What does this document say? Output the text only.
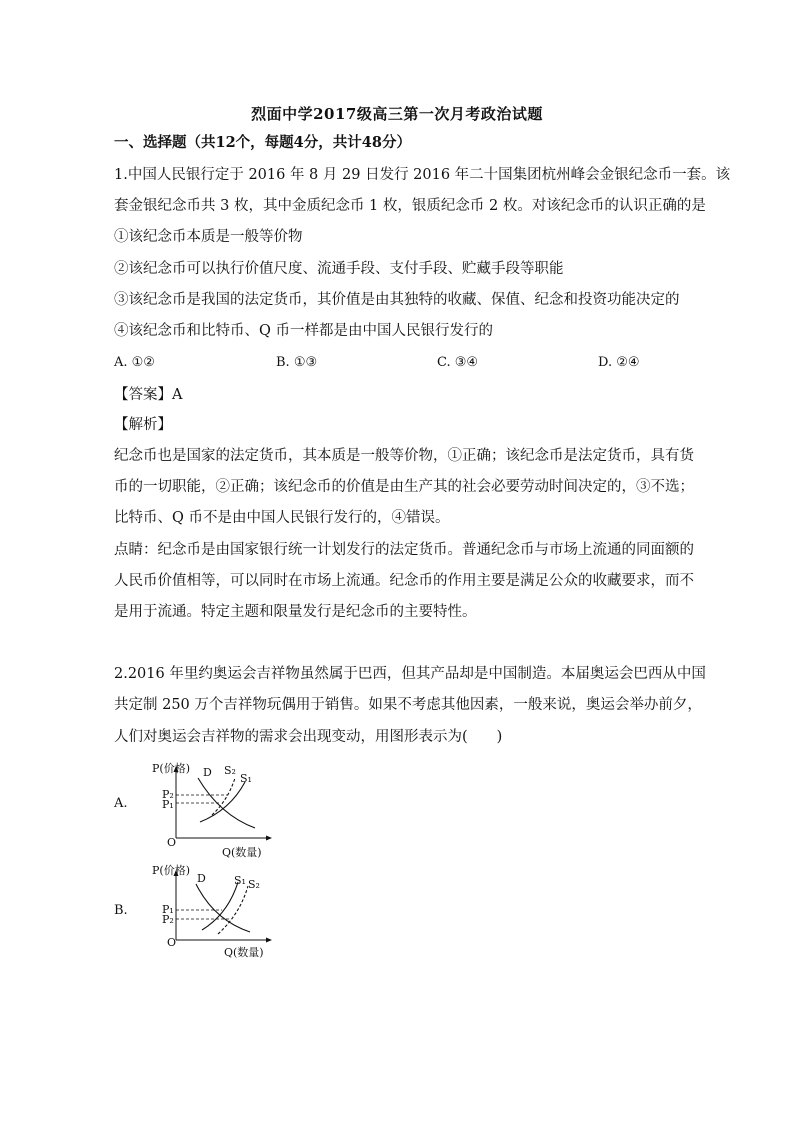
烈面中学2017级高三第一次月考政治试题
一、选择题（共12个，每题4分，共计48分）
1.中国人民银行定于 2016 年 8 月 29 日发行 2016 年二十国集团杭州峰会金银纪念币一套。该
套金银纪念币共 3 枚，其中金质纪念币 1 枚，银质纪念币 2 枚。对该纪念币的认识正确的是
①该纪念币本质是一般等价物
②该纪念币可以执行价值尺度、流通手段、支付手段、贮藏手段等职能
③该纪念币是我国的法定货币，其价值是由其独特的收藏、保值、纪念和投资功能决定的
④该纪念币和比特币、Q 币一样都是由中国人民银行发行的
A. ①②	B. ①③	C. ③④	D. ②④
【答案】A
【解析】
纪念币也是国家的法定货币，其本质是一般等价物，①正确；该纪念币是法定货币，具有货
币的一切职能，②正确；该纪念币的价值是由生产其的社会必要劳动时间决定的，③不选；
比特币、Q 币不是由中国人民银行发行的，④错误。
点睛：纪念币是由国家银行统一计划发行的法定货币。普通纪念币与市场上流通的同面额的
人民币价值相等，可以同时在市场上流通。纪念币的作用主要是满足公众的收藏要求，而不
是用于流通。特定主题和限量发行是纪念币的主要特性。
2.2016 年里约奥运会吉祥物虽然属于巴西，但其产品却是中国制造。本届奥运会巴西从中国
共定制 250 万个吉祥物玩偶用于销售。如果不考虑其他因素，一般来说，奥运会举办前夕，
人们对奥运会吉祥物的需求会出现变动，用图形表示为(　　)
A.
P(价格)
Q(数量)
O
D S₂
S₁
P₂
P₁
B.
P(价格)
Q(数量)
O
D	S₁ S₂
P₁
P₂
